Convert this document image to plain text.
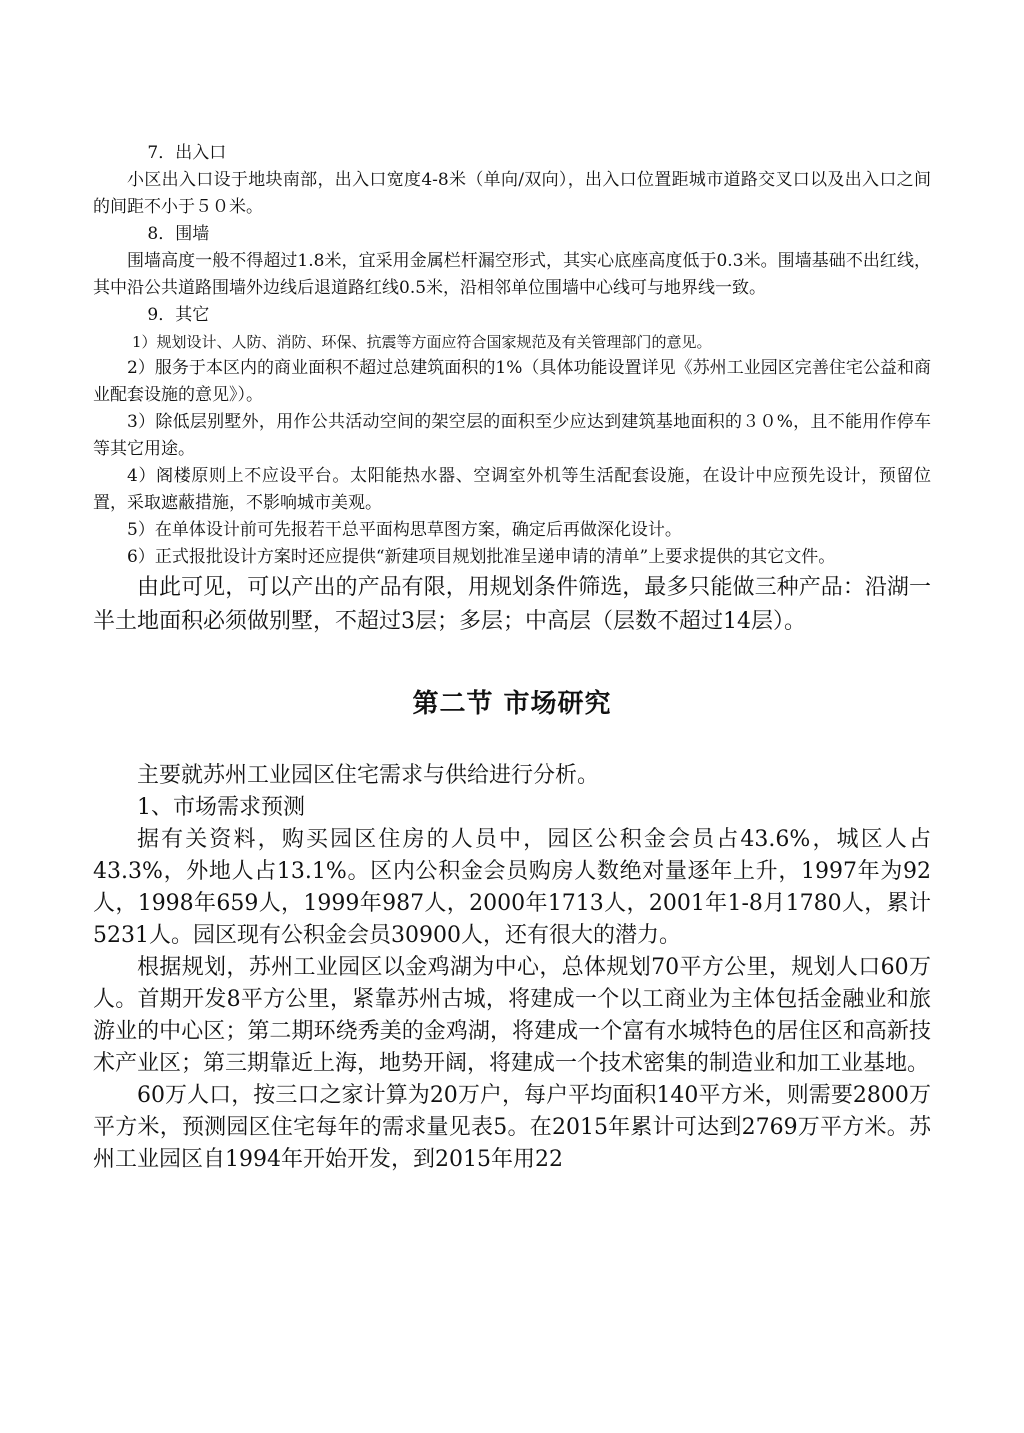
7．出入口

小区出入口设于地块南部，出入口宽度4-8米（单向/双向），出入口位置距城市道路交叉口以及出入口之间的间距不小于５０米。

8．围墙

围墙高度一般不得超过1.8米，宜采用金属栏杆漏空形式，其实心底座高度低于0.3米。围墙基础不出红线，其中沿公共道路围墙外边线后退道路红线0.5米，沿相邻单位围墙中心线可与地界线一致。

9．其它

1）规划设计、人防、消防、环保、抗震等方面应符合国家规范及有关管理部门的意见。

2）服务于本区内的商业面积不超过总建筑面积的1%（具体功能设置详见《苏州工业园区完善住宅公益和商业配套设施的意见》）。

3）除低层别墅外，用作公共活动空间的架空层的面积至少应达到建筑基地面积的３０%，且不能用作停车等其它用途。

4）阁楼原则上不应设平台。太阳能热水器、空调室外机等生活配套设施，在设计中应预先设计，预留位置，采取遮蔽措施，不影响城市美观。

5）在单体设计前可先报若干总平面构思草图方案，确定后再做深化设计。

6）正式报批设计方案时还应提供“新建项目规划批准呈递申请的清单”上要求提供的其它文件。

由此可见，可以产出的产品有限，用规划条件筛选，最多只能做三种产品：沿湖一半土地面积必须做别墅，不超过3层；多层；中高层（层数不超过14层）。

第二节 市场研究

主要就苏州工业园区住宅需求与供给进行分析。

1、市场需求预测

据有关资料，购买园区住房的人员中，园区公积金会员占43.6%，城区人占43.3%，外地人占13.1%。区内公积金会员购房人数绝对量逐年上升，1997年为92人，1998年659人，1999年987人，2000年1713人，2001年1-8月1780人，累计5231人。园区现有公积金会员30900人，还有很大的潜力。

根据规划，苏州工业园区以金鸡湖为中心，总体规划70平方公里，规划人口60万人。首期开发8平方公里，紧靠苏州古城，将建成一个以工商业为主体包括金融业和旅游业的中心区；第二期环绕秀美的金鸡湖，将建成一个富有水城特色的居住区和高新技术产业区；第三期靠近上海，地势开阔，将建成一个技术密集的制造业和加工业基地。

60万人口，按三口之家计算为20万户，每户平均面积140平方米，则需要2800万平方米，预测园区住宅每年的需求量见表5。在2015年累计可达到2769万平方米。苏州工业园区自1994年开始开发，到2015年用22
